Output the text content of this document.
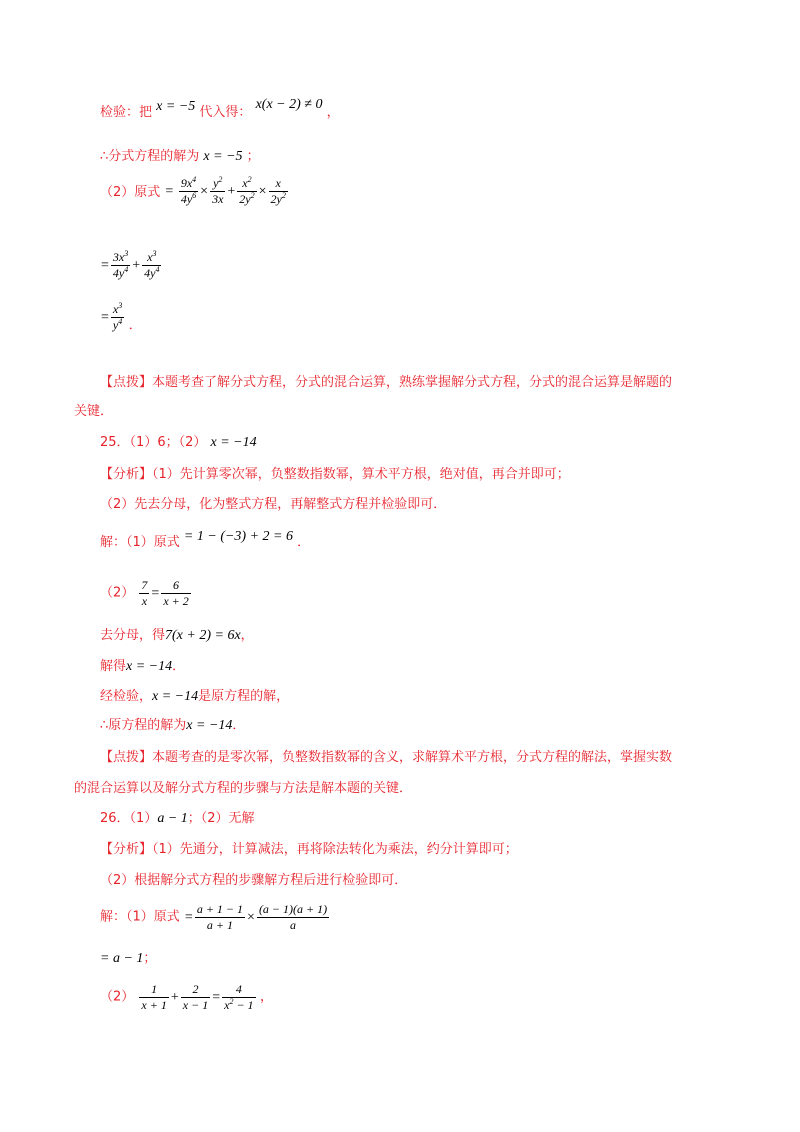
检验：把 x = −5 代入得： x(x − 2) ≠ 0 ，
∴分式方程的解为 x = −5 ；
（2）原式 = $\frac{9x^4}{4y^6} \times \frac{y^2}{3x} + \frac{x^2}{2y^2} \times \frac{x}{2y^2}$
= $\frac{3x^3}{4y^4} + \frac{x^3}{4y^4}$
= $\frac{x^3}{y^4}$ ．
【点拨】本题考查了解分式方程，分式的混合运算，熟练掌握解分式方程，分式的混合运算是解题的
关键．
25．（1）6；（2） x = −14
【分析】（1）先计算零次幂，负整数指数幂，算术平方根，绝对值，再合并即可；
（2）先去分母，化为整式方程，再解整式方程并检验即可．
解：（1）原式 = 1 − (−3) + 2 = 6 ．
$(2) \frac{7}{x} = \frac{6}{x + 2}$
去分母，得7(x + 2) = 6x，
解得x = −14．
经检验，x = −14是原方程的解，
∴原方程的解为x = −14．
【点拨】本题考查的是零次幂，负整数指数幂的含义，求解算术平方根，分式方程的解法，掌握实数
的混合运算以及解分式方程的步骤与方法是解本题的关键．
26．（1）a − 1；（2）无解
【分析】（1）先通分，计算减法，再将除法转化为乘法，约分计算即可；
（2）根据解分式方程的步骤解方程后进行检验即可．
解：（1）原式 = $\frac{a + 1 - 1}{a + 1} \times \frac{(a - 1)(a + 1)}{a}$
= a − 1；
$(2) \frac{1}{x + 1} + \frac{2}{x - 1} = \frac{4}{x^2 - 1}$ ，
